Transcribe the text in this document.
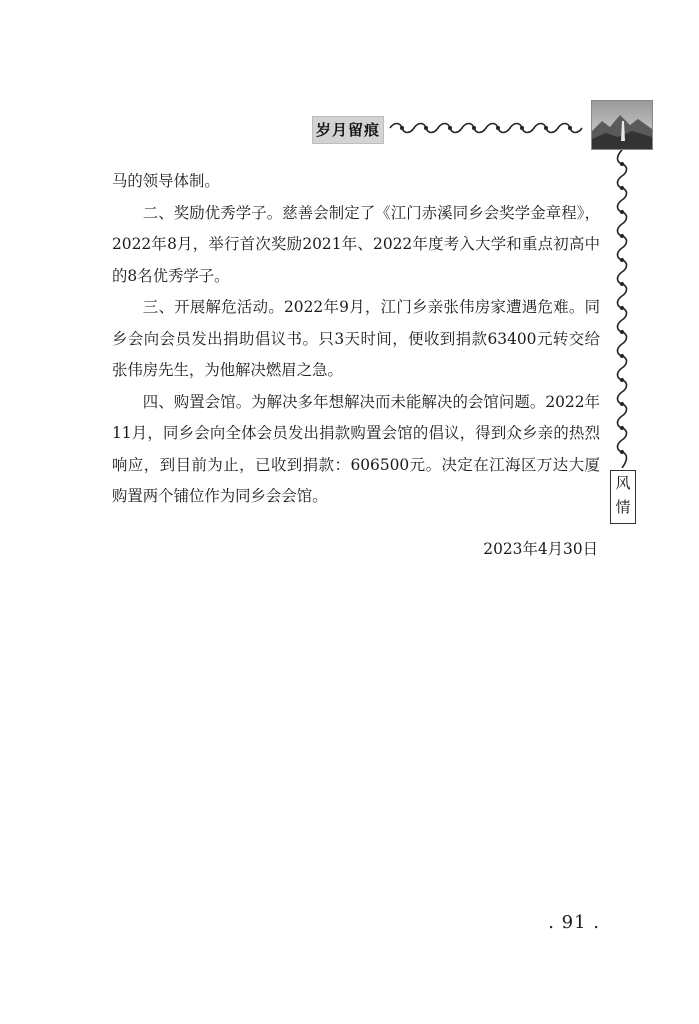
岁月留痕
风情

马的领导体制。

二、奖励优秀学子。慈善会制定了《江门赤溪同乡会奖学金章程》，2022年8月，举行首次奖励2021年、2022年度考入大学和重点初高中的8名优秀学子。

三、开展解危活动。2022年9月，江门乡亲张伟房家遭遇危难。同乡会向会员发出捐助倡议书。只3天时间，便收到捐款63400元转交给张伟房先生，为他解决燃眉之急。

四、购置会馆。为解决多年想解决而未能解决的会馆问题。2022年11月，同乡会向全体会员发出捐款购置会馆的倡议，得到众乡亲的热烈响应，到目前为止，已收到捐款：606500元。决定在江海区万达大厦购置两个铺位作为同乡会会馆。

2023年4月30日
. 91 .
